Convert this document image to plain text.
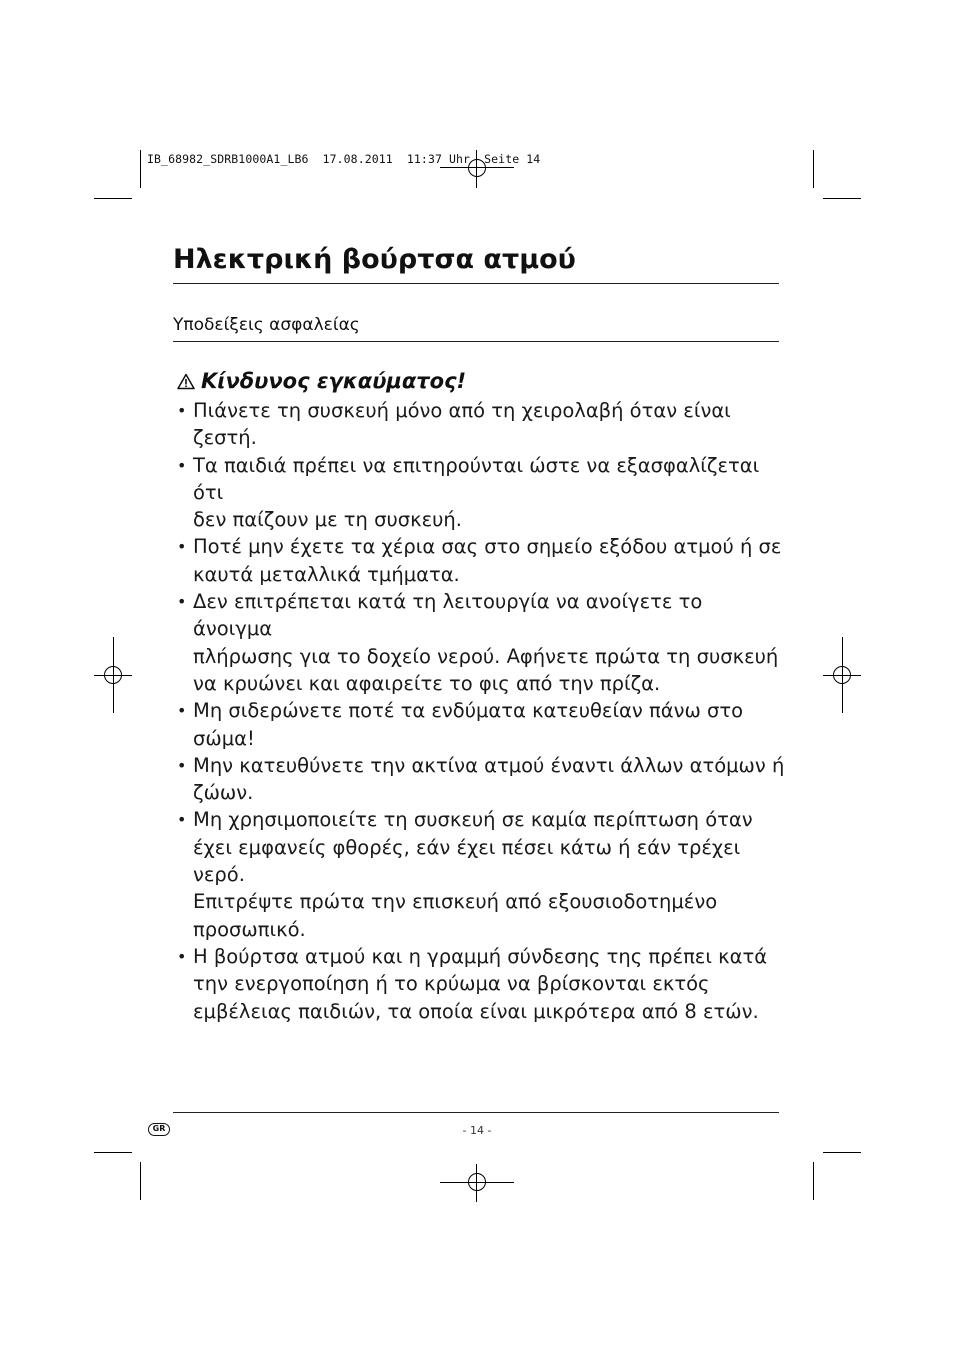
IB_68982_SDRB1000A1_LB6  17.08.2011  11:37 Uhr  Seite 14
Ηλεκτρική βούρτσα ατμού
Υποδείξεις ασφαλείας
Κίνδυνος εγκαύματος!
• Πιάνετε τη συσκευή μόνο από τη χειρολαβή όταν είναι
ζεστή.
• Τα παιδιά πρέπει να επιτηρούνται ώστε να εξασφαλίζεται ότι
δεν παίζουν με τη συσκευή.
• Ποτέ μην έχετε τα χέρια σας στο σημείο εξόδου ατμού ή σε
καυτά μεταλλικά τμήματα.
• Δεν επιτρέπεται κατά τη λειτουργία να ανοίγετε το άνοιγμα
πλήρωσης για το δοχείο νερού. Αφήνετε πρώτα τη συσκευή
να κρυώνει και αφαιρείτε το φις από την πρίζα.
• Μη σιδερώνετε ποτέ τα ενδύματα κατευθείαν πάνω στο
σώμα!
• Μην κατευθύνετε την ακτίνα ατμού έναντι άλλων ατόμων ή
ζώων.
• Μη χρησιμοποιείτε τη συσκευή σε καμία περίπτωση όταν
έχει εμφανείς φθορές, εάν έχει πέσει κάτω ή εάν τρέχει νερό.
Επιτρέψτε πρώτα την επισκευή από εξουσιοδοτημένο
προσωπικό.
• Η βούρτσα ατμού και η γραμμή σύνδεσης της πρέπει κατά
την ενεργοποίηση ή το κρύωμα να βρίσκονται εκτός
εμβέλειας παιδιών, τα οποία είναι μικρότερα από 8 ετών.
GR	- 14 -
